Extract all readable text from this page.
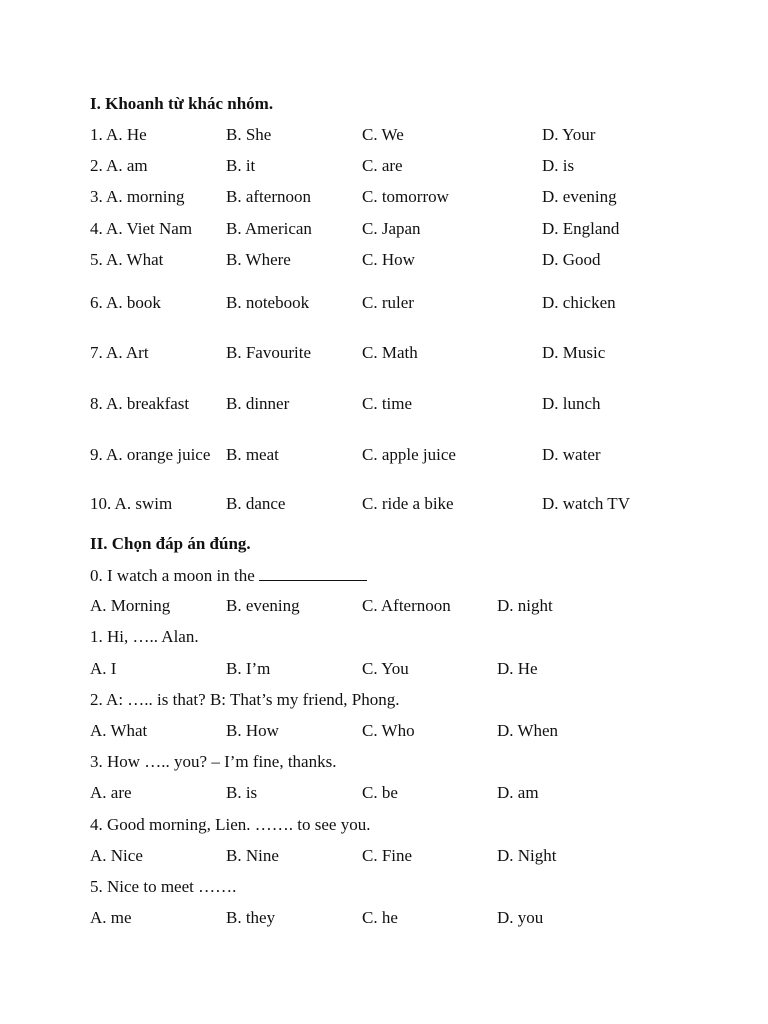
I. Khoanh từ khác nhóm.
1. A. He	B. She	C. We	D. Your
2. A. am	B. it	C. are	D. is
3. A. morning B. afternoon	C. tomorrow	D. evening
4. A. Viet Nam B. American	C. Japan	D. England
5. A. What	B. Where	C. How	D. Good
6. A. book	B. notebook	C. ruler	D. chicken
7. A. Art	B. Favourite	C. Math	D. Music
8. A. breakfast B. dinner	C. time	D. lunch
9. A. orange juice B. meat	C. apple juice	D. water
10. A. swim	B. dance	C. ride a bike	D. watch TV
II. Chọn đáp án đúng.
0. I watch a moon in the
A. Morning	B. evening	C. Afternoon	D. night
1. Hi, ….. Alan.
A. I	B. I’m	C. You	D. He
2. A: ….. is that? B: That’s my friend, Phong.
A. What	B. How	C. Who	D. When
3. How ….. you? – I’m fine, thanks.
A. are	B. is	C. be	D. am
4. Good morning, Lien. ……. to see you.
A. Nice	B. Nine	C. Fine	D. Night
5. Nice to meet …….
A. me	B. they	C. he	D. you
